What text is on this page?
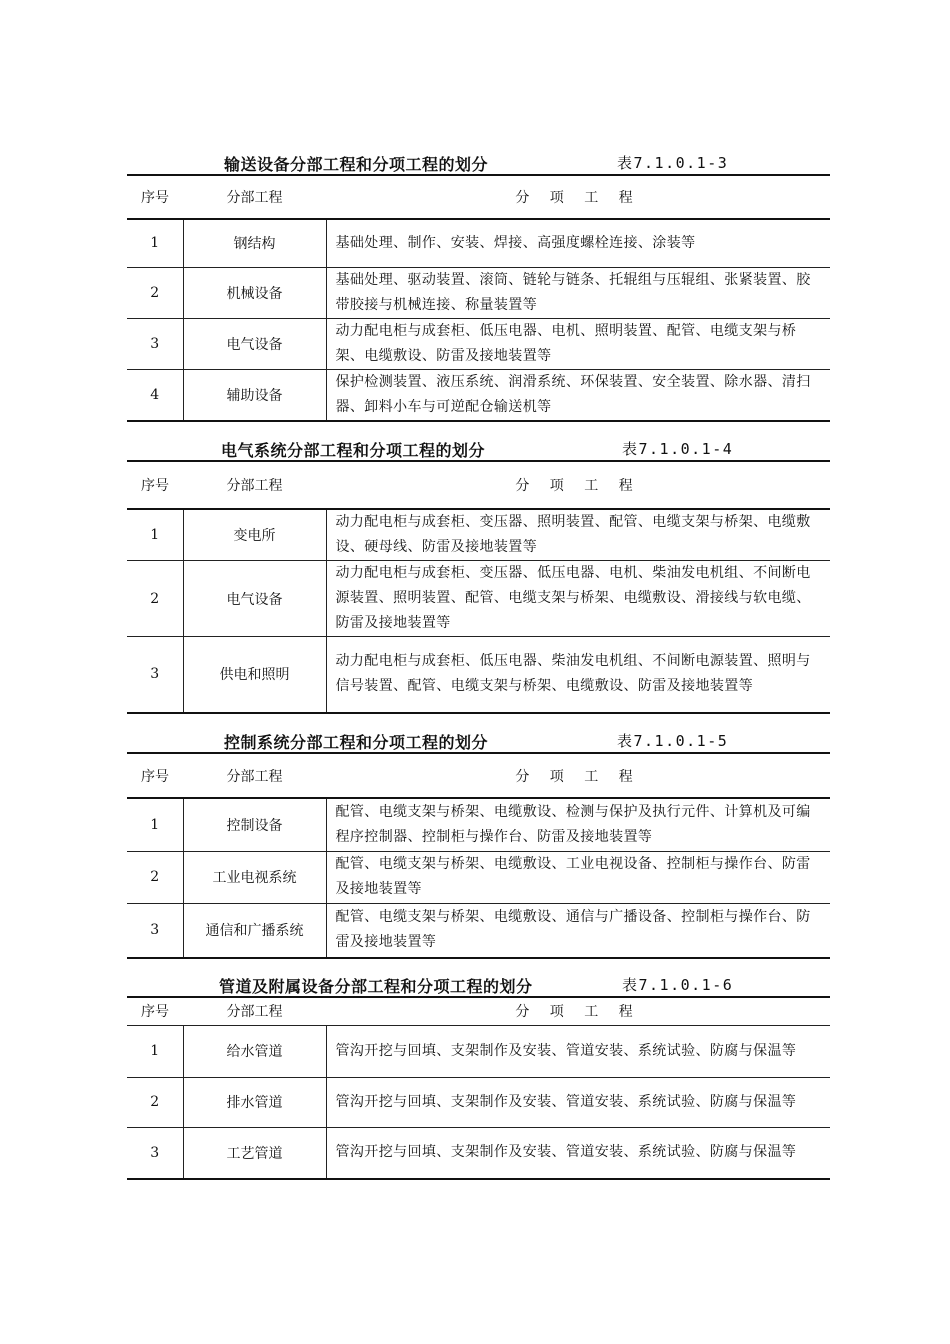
输送设备分部工程和分项工程的划分	表7.1.0.1-3
序号	分部工程	分 项 工 程
1	钢结构	基础处理、制作、安装、焊接、高强度螺栓连接、涂装等
2	机械设备	基础处理、驱动装置、滚筒、链轮与链条、托辊组与压辊组、张紧装置、胶带胶接与机械连接、称量装置等
3	电气设备	动力配电柜与成套柜、低压电器、电机、照明装置、配管、电缆支架与桥架、电缆敷设、防雷及接地装置等
4	辅助设备	保护检测装置、液压系统、润滑系统、环保装置、安全装置、除水器、清扫器、卸料小车与可逆配仓输送机等
电气系统分部工程和分项工程的划分	表7.1.0.1-4
序号	分部工程	分 项 工 程
1	变电所	动力配电柜与成套柜、变压器、照明装置、配管、电缆支架与桥架、电缆敷设、硬母线、防雷及接地装置等
2	电气设备	动力配电柜与成套柜、变压器、低压电器、电机、柴油发电机组、不间断电源装置、照明装置、配管、电缆支架与桥架、电缆敷设、滑接线与软电缆、防雷及接地装置等
3	供电和照明	动力配电柜与成套柜、低压电器、柴油发电机组、不间断电源装置、照明与信号装置、配管、电缆支架与桥架、电缆敷设、防雷及接地装置等
控制系统分部工程和分项工程的划分	表7.1.0.1-5
序号	分部工程	分 项 工 程
1	控制设备	配管、电缆支架与桥架、电缆敷设、检测与保护及执行元件、计算机及可编程序控制器、控制柜与操作台、防雷及接地装置等
2	工业电视系统	配管、电缆支架与桥架、电缆敷设、工业电视设备、控制柜与操作台、防雷及接地装置等
3	通信和广播系统	配管、电缆支架与桥架、电缆敷设、通信与广播设备、控制柜与操作台、防雷及接地装置等
管道及附属设备分部工程和分项工程的划分	表7.1.0.1-6
序号	分部工程	分 项 工 程
1	给水管道	管沟开挖与回填、支架制作及安装、管道安装、系统试验、防腐与保温等
2	排水管道	管沟开挖与回填、支架制作及安装、管道安装、系统试验、防腐与保温等
3	工艺管道	管沟开挖与回填、支架制作及安装、管道安装、系统试验、防腐与保温等
